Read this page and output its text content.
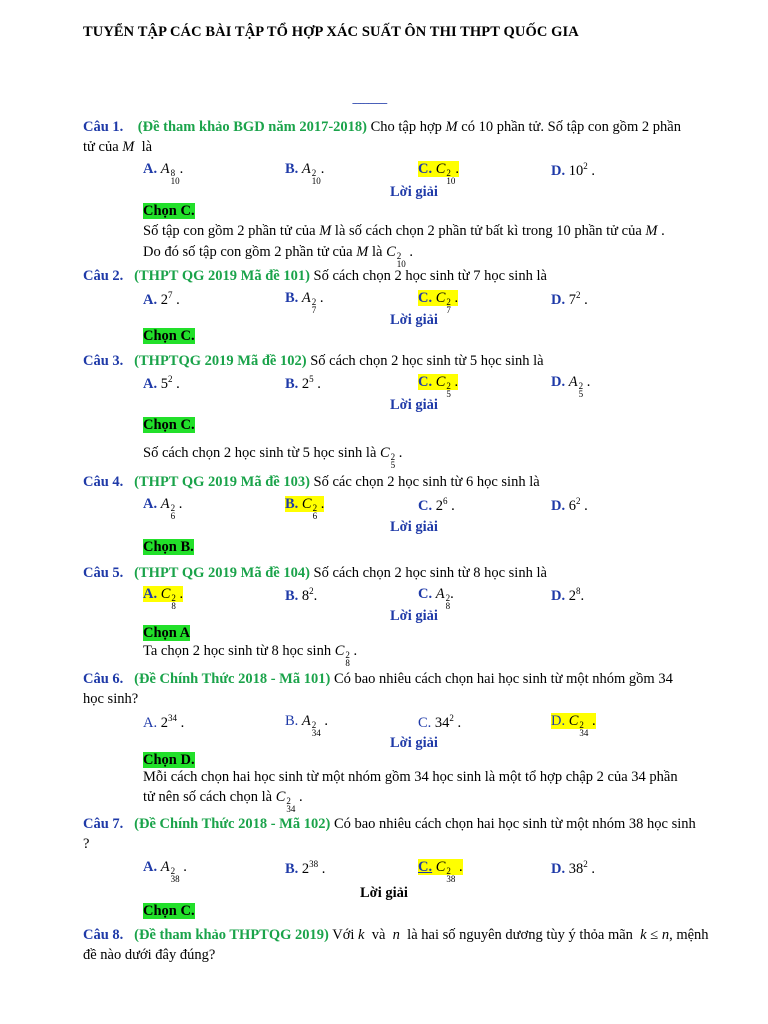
TUYỂN TẬP CÁC BÀI TẬP TỔ HỢP XÁC SUẤT ÔN THI THPT QUỐC GIA
-------------
Câu 1. (Đề tham khảo BGD năm 2017-2018) Cho tập hợp M có 10 phần tử. Số tập con gồm 2 phần
tử của M là
A. A 8
10
.	B. A 2
10
.	C. C 2
10
.	D. $10^2$ .
Lời giải
Chọn C.
Số tập con gồm 2 phần tử của M là số cách chọn 2 phần tử bất kì trong 10 phần tử của M .
Do đó số tập con gồm 2 phần tử của M là C 2
10
.
Câu 2. (THPT QG 2019 Mã đề 101) Số cách chọn 2 học sinh từ 7 học sinh là
A. $2^7$ .	B. A 2
7
.	C. C 2
7
.	D. $7^2$ .
Lời giải
Chọn C.
Câu 3. (THPTQG 2019 Mã đề 102) Số cách chọn 2 học sinh từ 5 học sinh là
A. $5^2$ .	B. $2^5$ .	C. C 2
5
.	D. A 2
5
.
Lời giải
Chọn C.
Số cách chọn 2 học sinh từ 5 học sinh là C 2
5
.
Câu 4. (THPT QG 2019 Mã đề 103) Số các chọn 2 học sinh từ 6 học sinh là
A. A 2
6
.	B. C 2
6
.	C. $2^6$ .	D. $6^2$ .
Lời giải
Chọn B.
Câu 5. (THPT QG 2019 Mã đề 104) Số cách chọn 2 học sinh từ 8 học sinh là
A. C 2
8
.	B. $8^2$.	C. A 2
8
.	D. $2^8$.
Lời giải
Chọn A
Ta chọn 2 học sinh từ 8 học sinh C 2
8
.
Câu 6. (Đề Chính Thức 2018 - Mã 101) Có bao nhiêu cách chọn hai học sinh từ một nhóm gồm 34
học sinh?
A. $2^{34}$ .	B. A 2
34
.	C. $34^2$ .	D. C 2
34
.
Lời giải
Chọn D.
Mỗi cách chọn hai học sinh từ một nhóm gồm 34 học sinh là một tổ hợp chập 2 của 34 phần
tử nên số cách chọn là C 2
34
.
Câu 7. (Đề Chính Thức 2018 - Mã 102) Có bao nhiêu cách chọn hai học sinh từ một nhóm 38 học sinh
?
A. A 2
38
.	B. $2^{38}$ .	C. C 2
38
.	D. $38^2$ .
Lời giải
Chọn C.
Câu 8. (Đề tham khảo THPTQG 2019) Với k và n là hai số nguyên dương tùy ý thỏa mãn k ≤ n, mệnh
đề nào dưới đây đúng?
